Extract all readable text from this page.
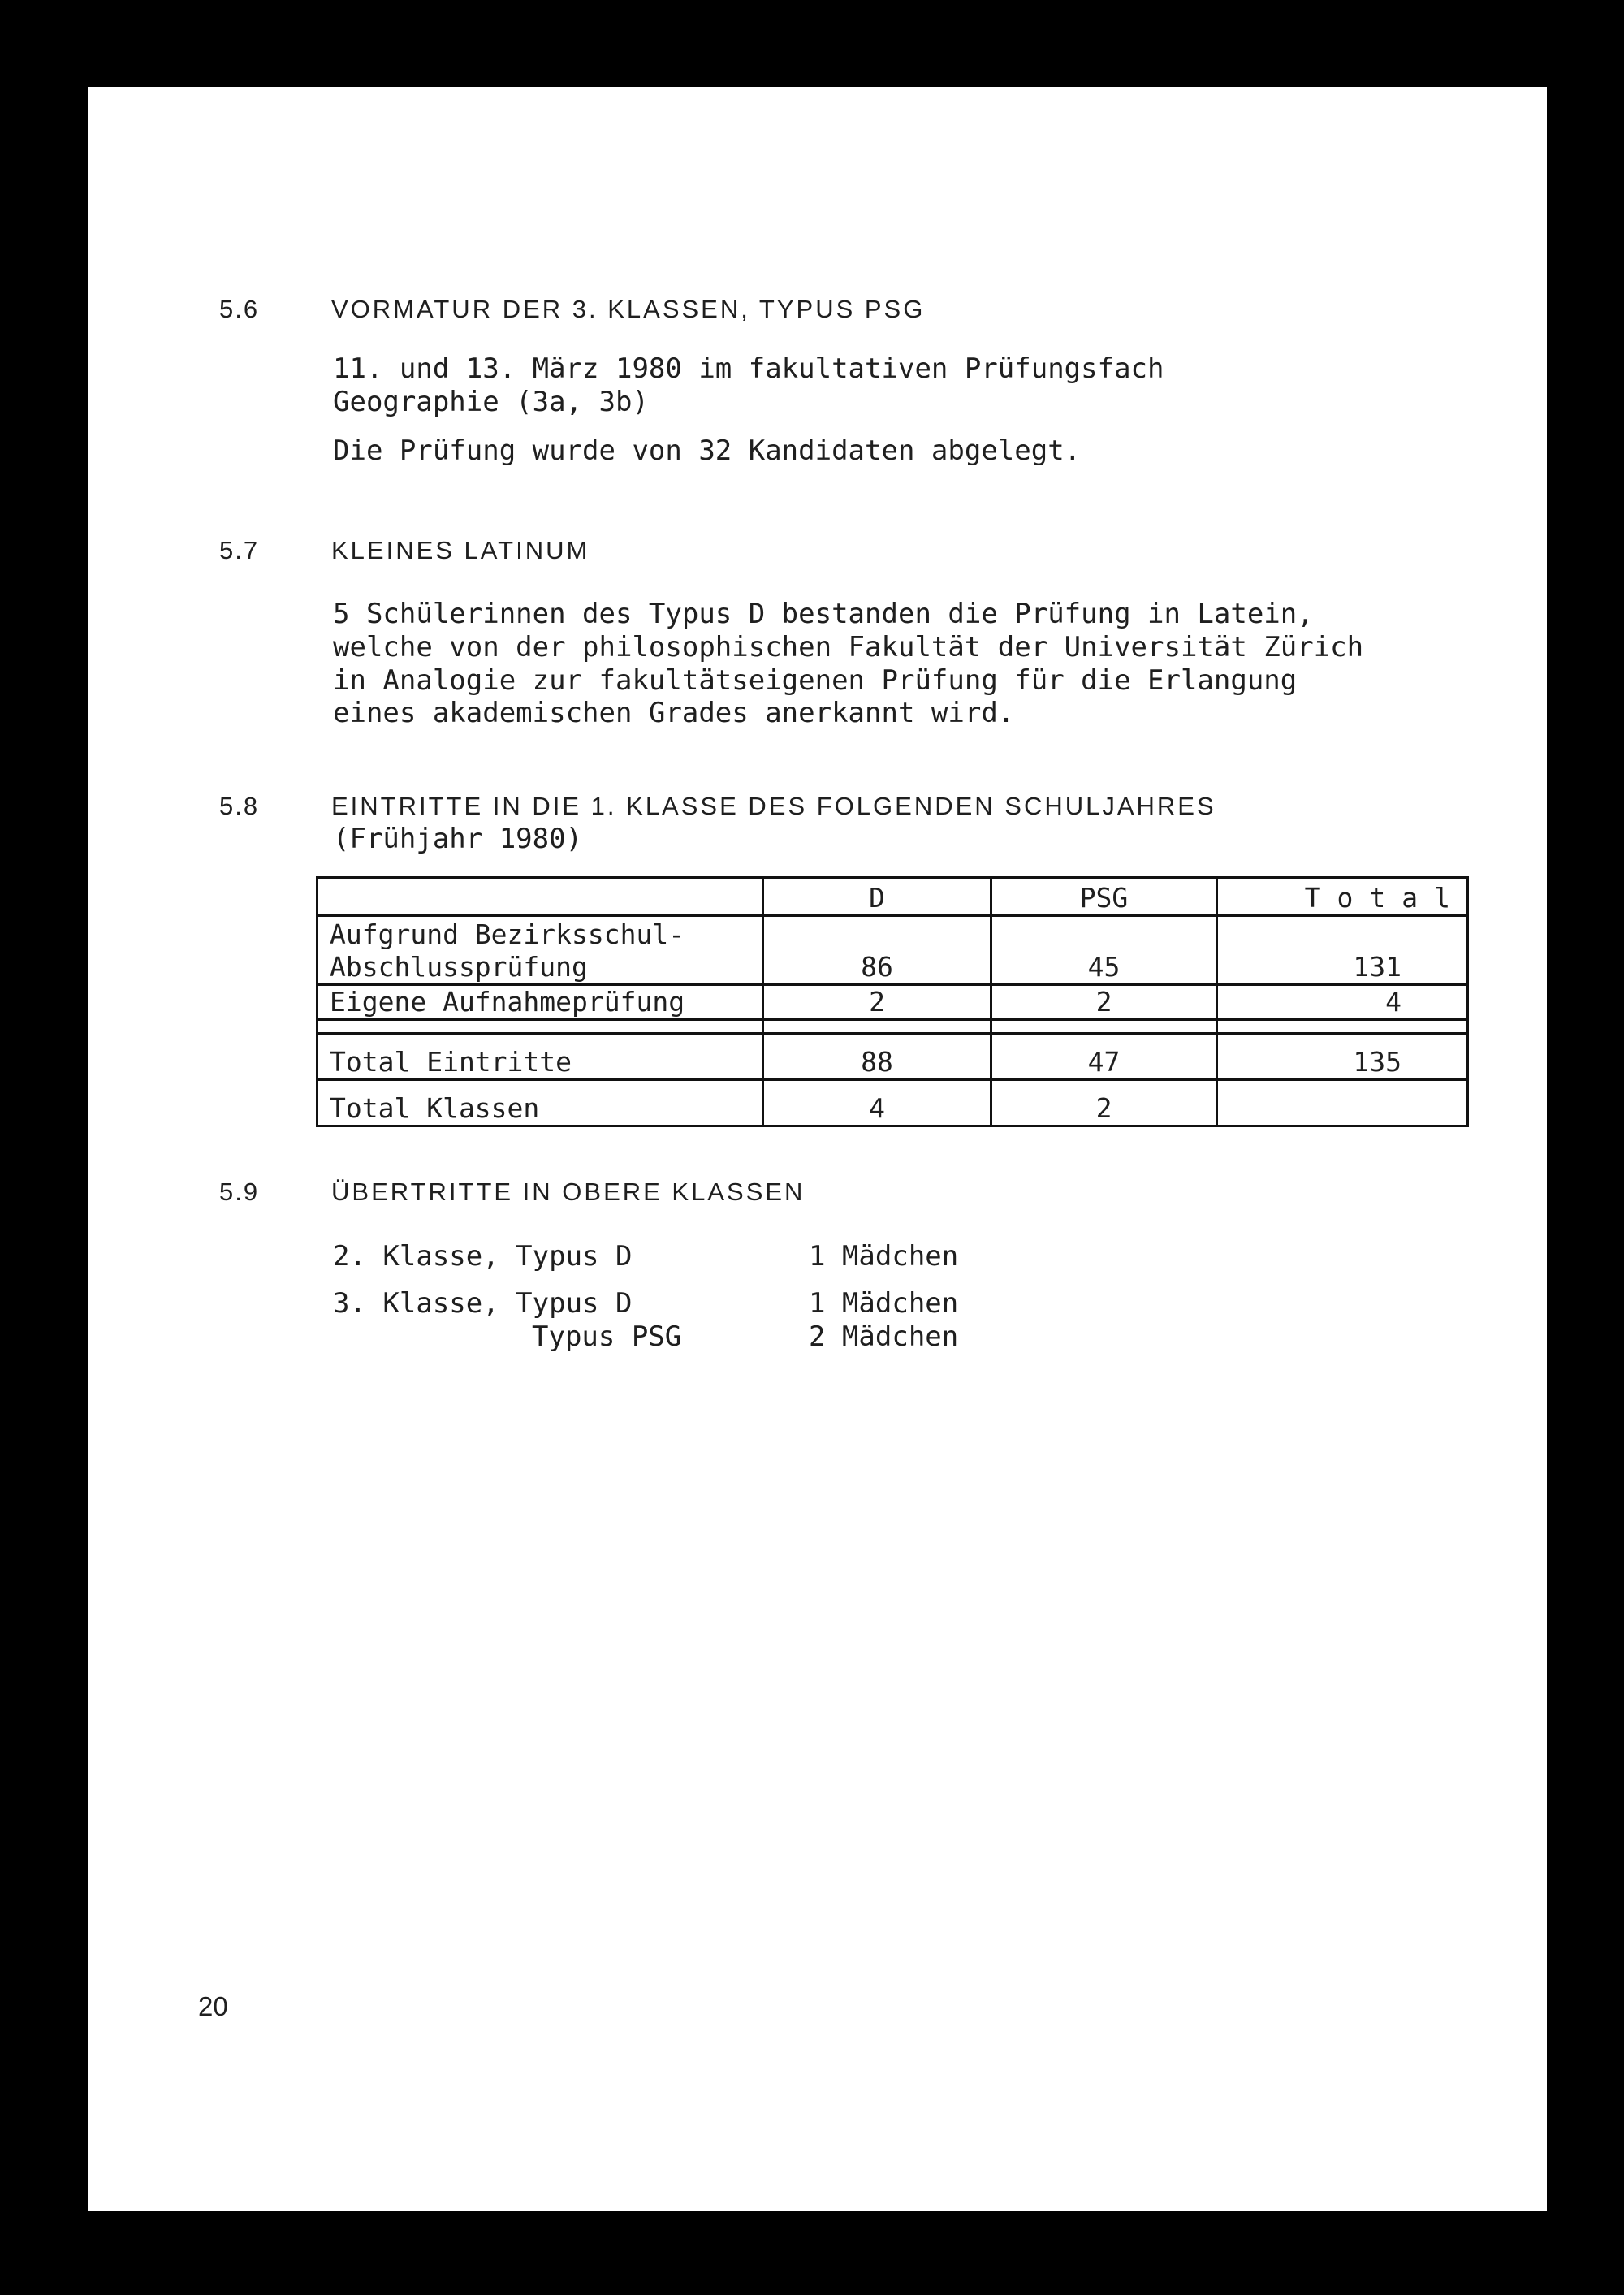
5.6	VORMATUR DER 3. KLASSEN, TYPUS PSG
11. und 13. März 1980 im fakultativen Prüfungsfach
Geographie (3a, 3b)
Die Prüfung wurde von 32 Kandidaten abgelegt.
5.7	KLEINES LATINUM
5 Schülerinnen des Typus D bestanden die Prüfung in Latein,
welche von der philosophischen Fakultät der Universität Zürich
in Analogie zur fakultätseigenen Prüfung für die Erlangung
eines akademischen Grades anerkannt wird.
5.8	EINTRITTE IN DIE 1. KLASSE DES FOLGENDEN SCHULJAHRES
(Frühjahr 1980)
	D	PSG	Total

Aufgrund Bezirksschul-
Abschlussprüfung	86	45	131
Eigene Aufnahmeprüfung	2	2	4

Total Eintritte	88	47	135
Total Klassen	4	2	
5.9	ÜBERTRITTE IN OBERE KLASSEN
2. Klasse, Typus D	1 Mädchen
3. Klasse, Typus D	1 Mädchen
Typus PSG	2 Mädchen
20
